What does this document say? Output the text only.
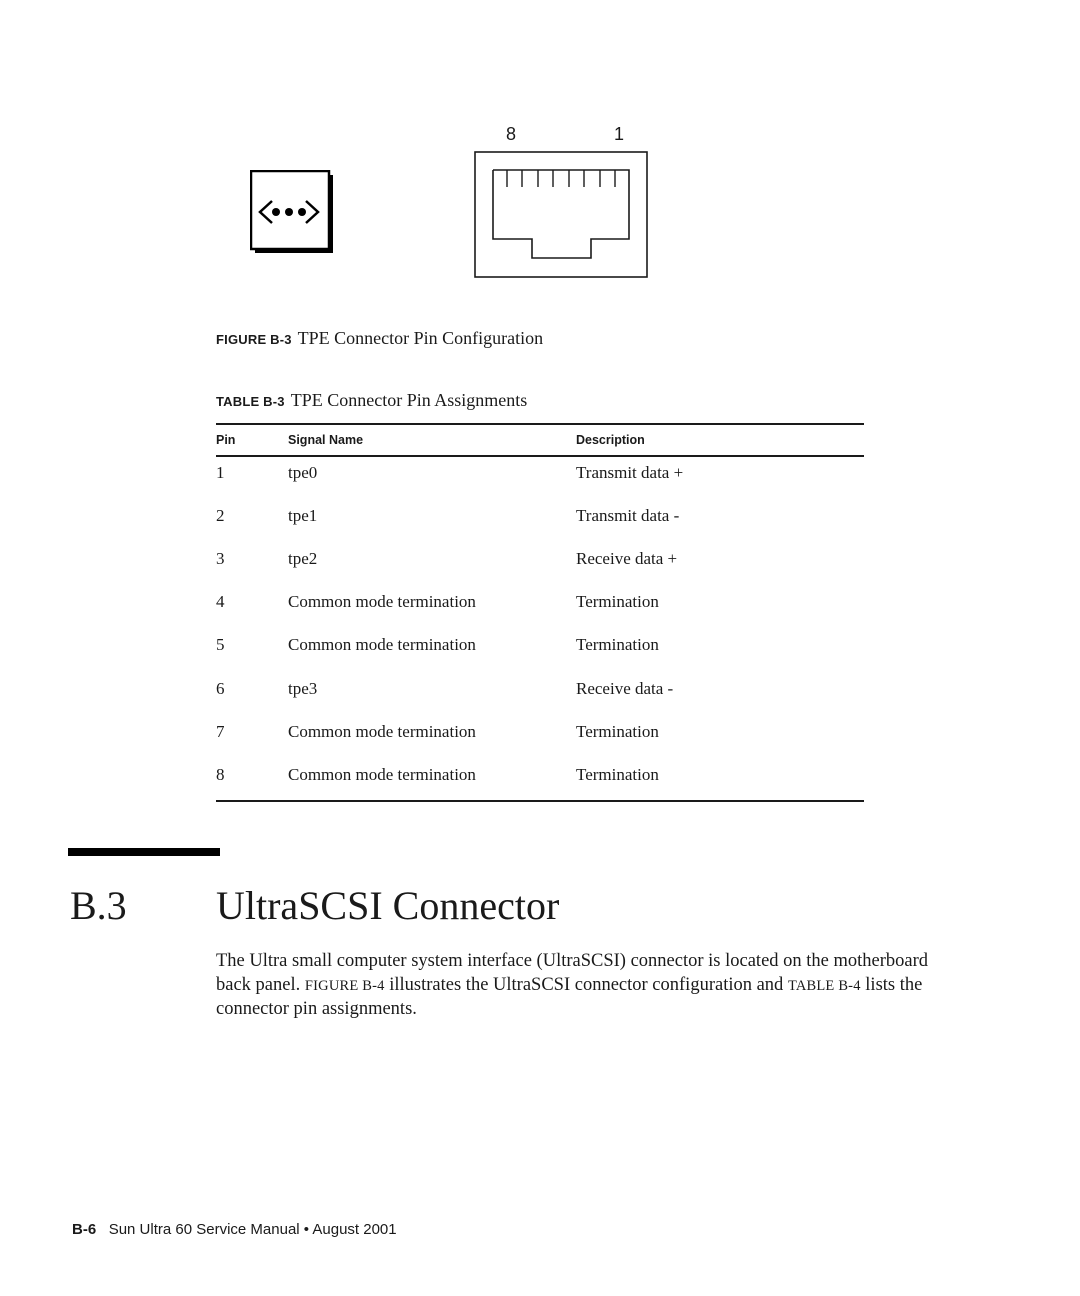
8	1
FIGURE B-3 TPE Connector Pin Configuration
TABLE B-3 TPE Connector Pin Assignments
Pin	Signal Name	Description
1	tpe0	Transmit data +
2	tpe1	Transmit data -
3	tpe2	Receive data +
4	Common mode termination	Termination
5	Common mode termination	Termination
6	tpe3	Receive data -
7	Common mode termination	Termination
8	Common mode termination	Termination
B.3 UltraSCSI Connector
The Ultra small computer system interface (UltraSCSI) connector is located on the motherboard back panel. FIGURE B-4 illustrates the UltraSCSI connector configuration and TABLE B-4 lists the connector pin assignments.
B-6 Sun Ultra 60 Service Manual • August 2001
